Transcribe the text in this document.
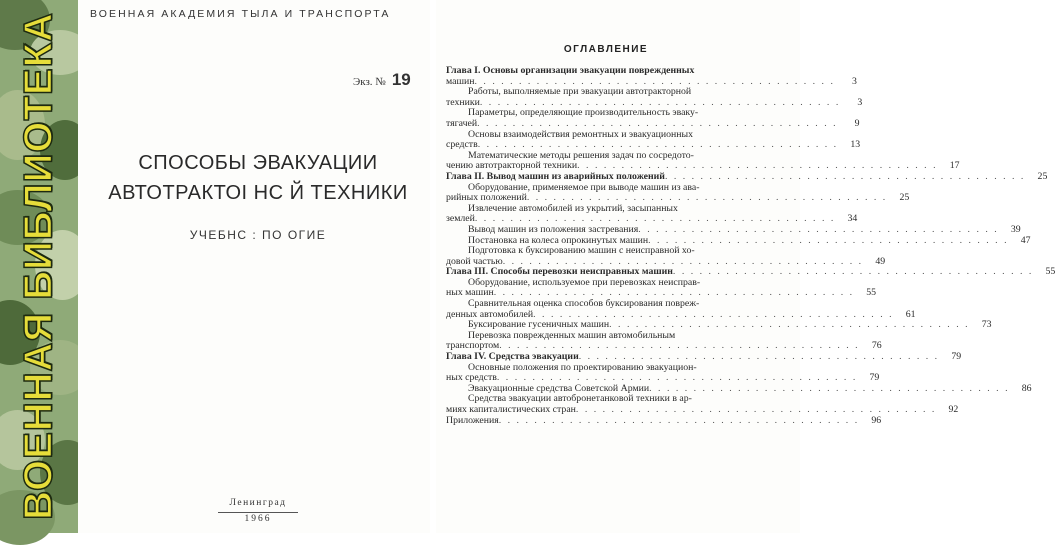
ВОЕННАЯ БИБЛИОТЕКА	ВОЕННАЯ АКАДЕМИЯ ТЫЛА И ТРАНСПОРТА
Экз. № 19
СПОСОБЫ ЭВАКУАЦИИ
АВТОТРАКТОI НС Й ТЕХНИКИ
УЧЕБНС : ПО ОГИЕ
Ленинград
1966
ОГЛАВЛЕНИЕ
Глава I. Основы организации эвакуации поврежденных
машин . . . . . . . . . . . . . . . . . . . . . . . . . . . . . . . . . . . . . . . . .	3
Работы, выполняемые при эвакуации автотракторной
техники . . . . . . . . . . . . . . . . . . . . . . . . . . . . . . . . . . . . . . . . .	3
Параметры, определяющие производительность эваку-
тягачей . . . . . . . . . . . . . . . . . . . . . . . . . . . . . . . . . . . . . . . . .	9
Основы взаимодействия ремонтных и эвакуационных
средств . . . . . . . . . . . . . . . . . . . . . . . . . . . . . . . . . . . . . . . . .	13
Математические методы решения задач по сосредото-
чению автотракторной техники . . . . . . . . . . . . . . . . . . . . . . . . . . . . . . . . . . . . . . . . .	17
Глава II. Вывод машин из аварийных положений . . . . . . . . . . . . . . . . . . . . . . . . . . . . . . . . . . . . . . . . .	25
Оборудование, применяемое при выводе машин из ава-
рийных положений . . . . . . . . . . . . . . . . . . . . . . . . . . . . . . . . . . . . . . . . .	25
Извлечение автомобилей из укрытий, засыпанных
землей . . . . . . . . . . . . . . . . . . . . . . . . . . . . . . . . . . . . . . . . .	34
Вывод машин из положения застревания . . . . . . . . . . . . . . . . . . . . . . . . . . . . . . . . . . . . . . . . .	39
Постановка на колеса опрокинутых машин . . . . . . . . . . . . . . . . . . . . . . . . . . . . . . . . . . . . . . . . .	47
Подготовка к буксированию машин с неисправной хо-
довой частью . . . . . . . . . . . . . . . . . . . . . . . . . . . . . . . . . . . . . . . . .	49
Глава III. Способы перевозки неисправных машин . . . . . . . . . . . . . . . . . . . . . . . . . . . . . . . . . . . . . . . . .	55
Оборудование, используемое при перевозках неисправ-
ных машин . . . . . . . . . . . . . . . . . . . . . . . . . . . . . . . . . . . . . . . . .	55
Сравнительная оценка способов буксирования повреж-
денных автомобилей . . . . . . . . . . . . . . . . . . . . . . . . . . . . . . . . . . . . . . . . .	61
Буксирование гусеничных машин . . . . . . . . . . . . . . . . . . . . . . . . . . . . . . . . . . . . . . . . .	73
Перевозка поврежденных машин автомобильным
транспортом . . . . . . . . . . . . . . . . . . . . . . . . . . . . . . . . . . . . . . . . .	76
Глава IV. Средства эвакуации . . . . . . . . . . . . . . . . . . . . . . . . . . . . . . . . . . . . . . . . .	79
Основные положения по проектированию эвакуацион-
ных средств . . . . . . . . . . . . . . . . . . . . . . . . . . . . . . . . . . . . . . . . .	79
Эвакуационные средства Советской Армии . . . . . . . . . . . . . . . . . . . . . . . . . . . . . . . . . . . . . . . . .	86
Средства эвакуации автобронетанковой техники в ар-
миях капиталистических стран . . . . . . . . . . . . . . . . . . . . . . . . . . . . . . . . . . . . . . . . .	92
Приложения . . . . . . . . . . . . . . . . . . . . . . . . . . . . . . . . . . . . . . . . .	96
